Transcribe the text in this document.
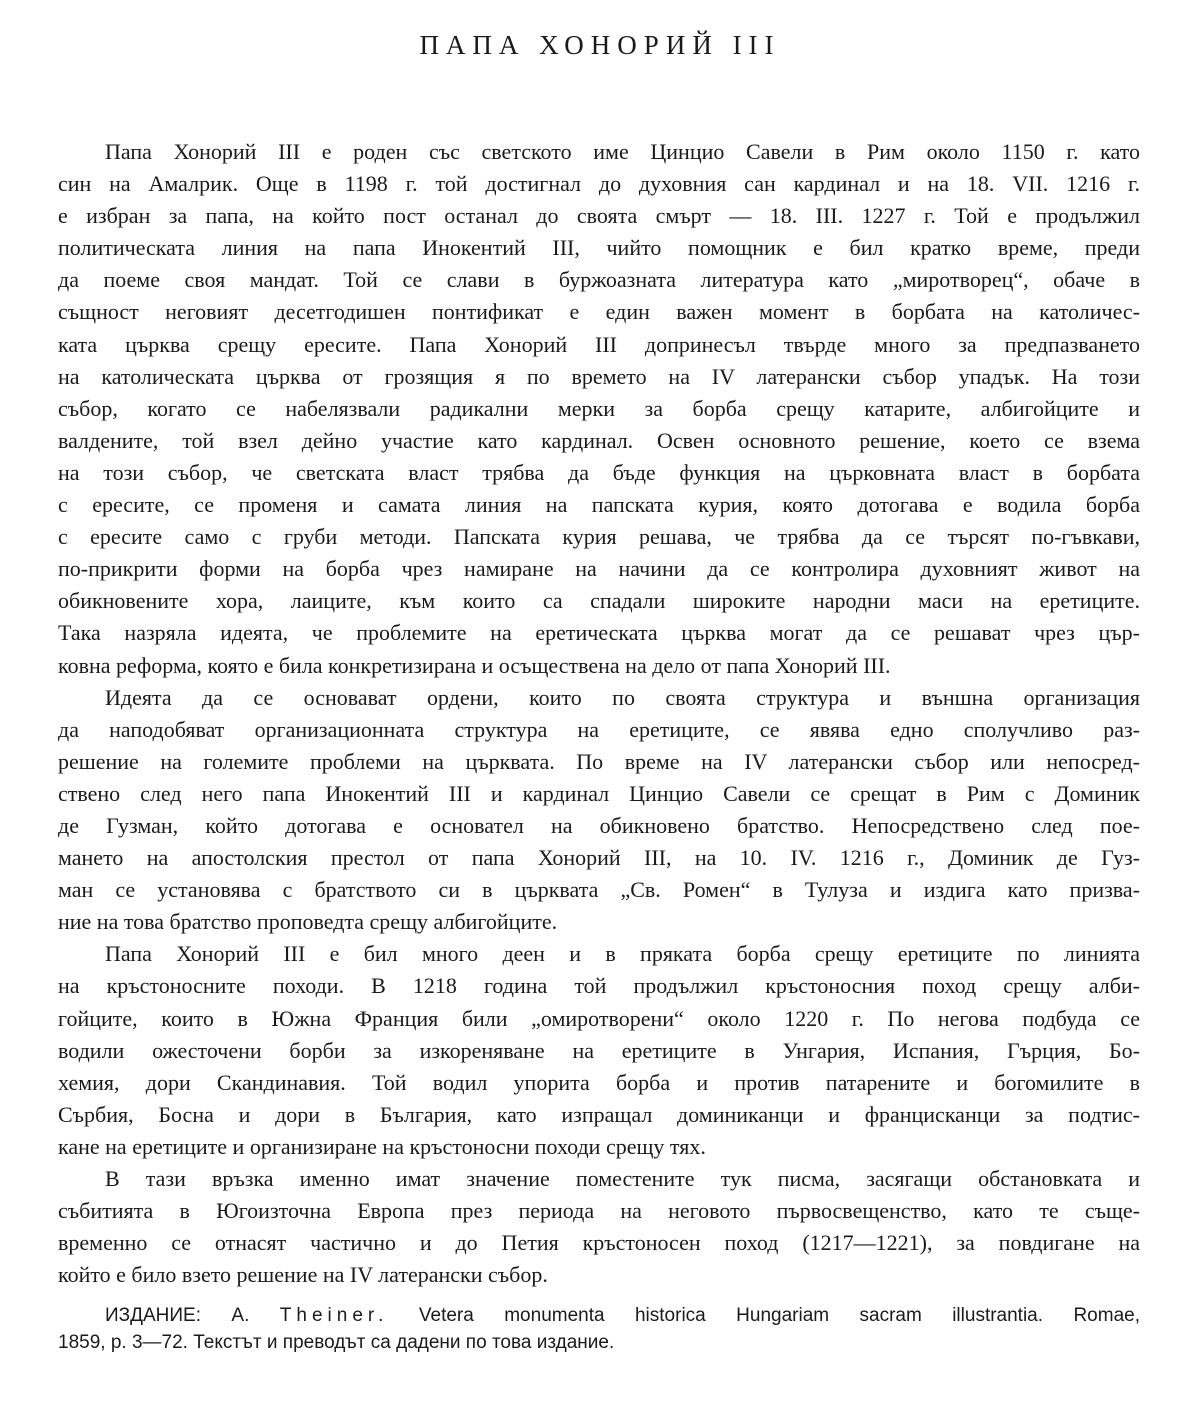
ПАПА ХОНОРИЙ III
Папа Хонорий III е роден със светското име Цинцио Савели в Рим около 1150 г. като
син на Амалрик. Още в 1198 г. той достигнал до духовния сан кардинал и на 18. VII. 1216 г.
е избран за папа, на който пост останал до своята смърт — 18. III. 1227 г. Той е продължил
политическата линия на папа Инокентий III, чийто помощник е бил кратко време, преди
да поеме своя мандат. Той се слави в буржоазната литература като „миротворец“, обаче в
същност неговият десетгодишен понтификат е един важен момент в борбата на католичес-
ката църква срещу ересите. Папа Хонорий III допринесъл твърде много за предпазването
на католическата църква от грозящия я по времето на IV латерански събор упадък. На този
събор, когато се набелязвали радикални мерки за борба срещу катарите, албигойците и
валдените, той взел дейно участие като кардинал. Освен основното решение, което се взема
на този събор, че светската власт трябва да бъде функция на църковната власт в борбата
с ересите, се променя и самата линия на папската курия, която дотогава е водила борба
с ересите само с груби методи. Папската курия решава, че трябва да се търсят по-гъвкави,
по-прикрити форми на борба чрез намиране на начини да се контролира духовният живот на
обикновените хора, лаиците, към които са спадали широките народни маси на еретиците.
Така назряла идеята, че проблемите на еретическата църква могат да се решават чрез цър-
ковна реформа, която е била конкретизирана и осъществена на дело от папа Хонорий III.
Идеята да се основават ордени, които по своята структура и външна организация
да наподобяват организационната структура на еретиците, се явява едно сполучливо раз-
решение на големите проблеми на църквата. По време на IV латерански събор или непосред-
ствено след него папа Инокентий III и кардинал Цинцио Савели се срещат в Рим с Доминик
де Гузман, който дотогава е основател на обикновено братство. Непосредствено след пое-
мането на апостолския престол от папа Хонорий III, на 10. IV. 1216 г., Доминик де Гуз-
ман се установява с братството си в църквата „Св. Ромен“ в Тулуза и издига като призва-
ние на това братство проповедта срещу албигойците.
Папа Хонорий III е бил много деен и в пряката борба срещу еретиците по линията
на кръстоносните походи. В 1218 година той продължил кръстоносния поход срещу алби-
гойците, които в Южна Франция били „омиротворени“ около 1220 г. По негова подбуда се
водили ожесточени борби за изкореняване на еретиците в Унгария, Испания, Гърция, Бо-
хемия, дори Скандинавия. Той водил упорита борба и против патарените и богомилите в
Сърбия, Босна и дори в България, като изпращал доминиканци и францисканци за подтис-
кане на еретиците и организиране на кръстоносни походи срещу тях.
В тази връзка именно имат значение поместените тук писма, засягащи обстановката и
събитията в Югоизточна Европа през периода на неговото първосвещенство, като те съще-
временно се отнасят частично и до Петия кръстоносен поход (1217—1221), за повдигане на
който е било взето решение на IV латерански събор.
ИЗДАНИЕ: А. Theiner. Vetera monumenta historica Hungariam sacram illustrantia. Romae,
1859, p. 3—72. Текстът и преводът са дадени по това издание.
